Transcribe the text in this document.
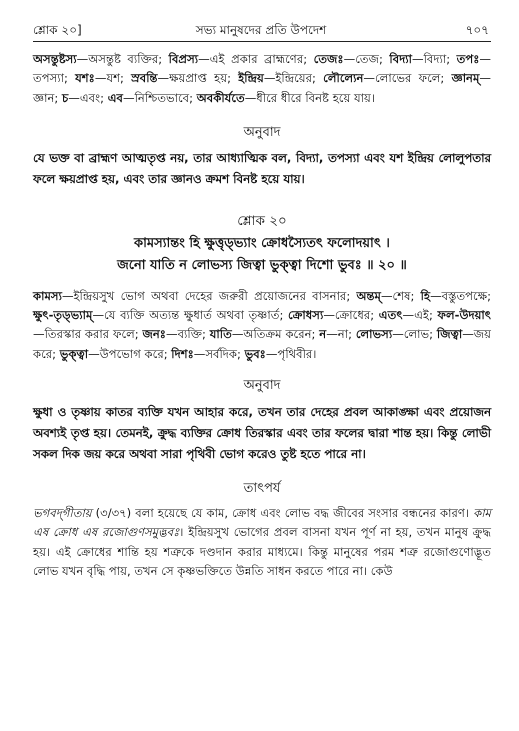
শ্লোক ২০]	সভ্য মানুষদের প্রতি উপদেশ	৭০৭

অসন্তুষ্টস্য—অসন্তুষ্ট ব্যক্তির; বিপ্রস্য—এই প্রকার ব্রাহ্মণের; তেজঃ—তেজ; বিদ্যা—বিদ্যা; তপঃ—তপস্যা; যশঃ—যশ; স্রবন্তি—ক্ষয়প্রাপ্ত হয়; ইন্দ্রিয়—ইন্দ্রিয়ের; লৌল্যেন—লোভের ফলে; জ্ঞানম্—জ্ঞান; চ—এবং; এব—নিশ্চিতভাবে; অবকীর্যতে—ধীরে ধীরে বিনষ্ট হয়ে যায়।

অনুবাদ

যে ভক্ত বা ব্রাহ্মণ আত্মতৃপ্ত নয়, তার আধ্যাত্মিক বল, বিদ্যা, তপস্যা এবং যশ ইন্দ্রিয় লোলুপতার ফলে ক্ষয়প্রাপ্ত হয়, এবং তার জ্ঞানও ক্রমশ বিনষ্ট হয়ে যায়।

শ্লোক ২০

কামস্যান্তং হি ক্ষুত্তৃড্‌ভ্যাং ক্রোধস্যৈতৎ ফলোদয়াৎ ।

জনো যাতি ন লোভস্য জিত্বা ভুক্ত্বা দিশো ভুবঃ ॥ ২০ ॥

কামস্য—ইন্দ্রিয়সুখ ভোগ অথবা দেহের জরুরী প্রয়োজনের বাসনার; অন্তম্—শেষ; হি—বস্তুতপক্ষে; ক্ষুৎ-তৃড্‌ভ্যাম্—যে ব্যক্তি অত্যন্ত ক্ষুধার্ত অথবা তৃষ্ণার্ত; ক্রোধস্য—ক্রোধের; এতৎ—এই; ফল-উদয়াৎ—তিরস্কার করার ফলে; জনঃ—ব্যক্তি; যাতি—অতিক্রম করেন; ন—না; লোভস্য—লোভ; জিত্বা—জয় করে; ভুক্ত্বা—উপভোগ করে; দিশঃ—সর্বদিক; ভুবঃ—পৃথিবীর।

অনুবাদ

ক্ষুধা ও তৃষ্ণায় কাতর ব্যক্তি যখন আহার করে, তখন তার দেহের প্রবল আকাঙ্ক্ষা এবং প্রয়োজন অবশ্যই তৃপ্ত হয়। তেমনই, ক্রুদ্ধ ব্যক্তির ক্রোধ তিরস্কার এবং তার ফলের দ্বারা শান্ত হয়। কিন্তু লোভী সকল দিক জয় করে অথবা সারা পৃথিবী ভোগ করেও তুষ্ট হতে পারে না।

তাৎপর্য

ভগবদ্‌গীতায় (৩/৩৭) বলা হয়েছে যে কাম, ক্রোধ এবং লোভ বদ্ধ জীবের সংসার বন্ধনের কারণ। কাম এষ ক্রোধ এষ রজোগুণসমুদ্ভবঃ। ইন্দ্রিয়সুখ ভোগের প্রবল বাসনা যখন পূর্ণ না হয়, তখন মানুষ ক্রুদ্ধ হয়। এই ক্রোধের শান্তি হয় শত্রুকে দণ্ডদান করার মাধ্যমে। কিন্তু মানুষের পরম শত্রু রজোগুণোদ্ভূত লোভ যখন বৃদ্ধি পায়, তখন সে কৃষ্ণভক্তিতে উন্নতি সাধন করতে পারে না। কেউ
